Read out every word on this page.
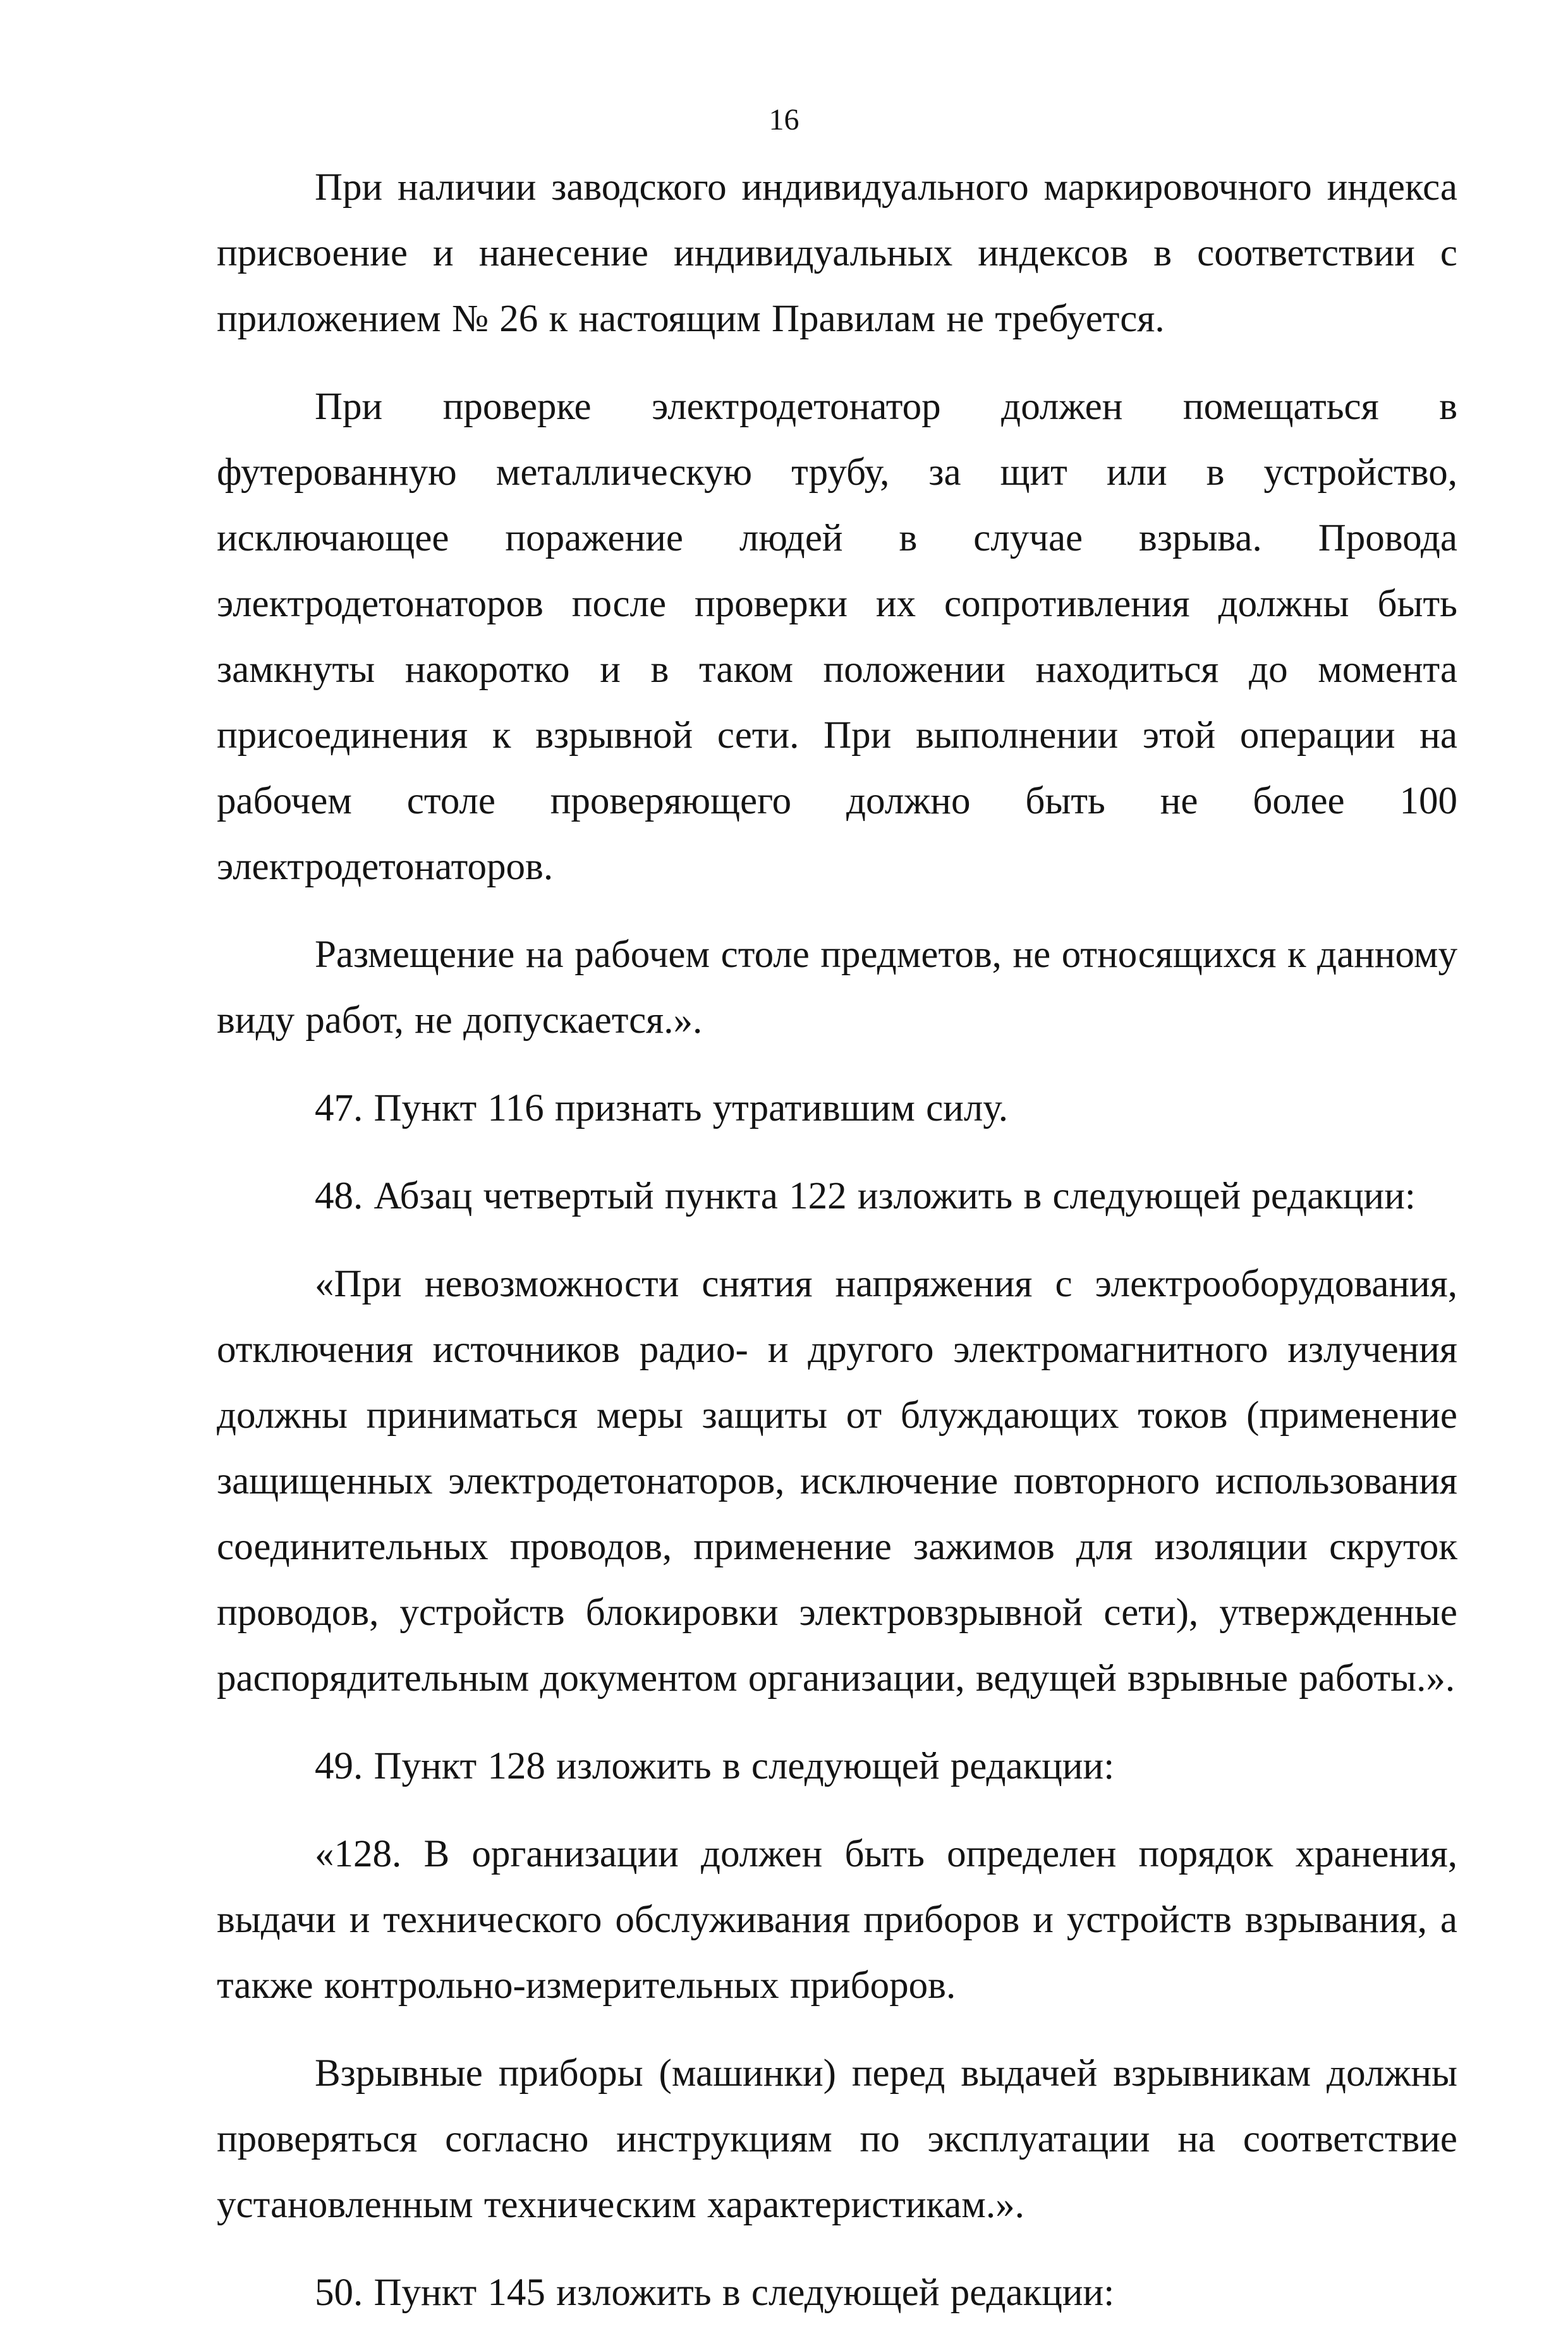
16

При наличии заводского индивидуального маркировочного индекса присвоение и нанесение индивидуальных индексов в соответствии с приложением № 26 к настоящим Правилам не требуется.

При проверке электродетонатор должен помещаться в футерованную металлическую трубу, за щит или в устройство, исключающее поражение людей в случае взрыва. Провода электродетонаторов после проверки их сопротивления должны быть замкнуты накоротко и в таком положении находиться до момента присоединения к взрывной сети. При выполнении этой операции на рабочем столе проверяющего должно быть не более 100 электродетонаторов.

Размещение на рабочем столе предметов, не относящихся к данному виду работ, не допускается.».

47. Пункт 116 признать утратившим силу.

48. Абзац четвертый пункта 122 изложить в следующей редакции:

«При невозможности снятия напряжения с электрооборудования, отключения источников радио- и другого электромагнитного излучения должны приниматься меры защиты от блуждающих токов (применение защищенных электродетонаторов, исключение повторного использования соединительных проводов, применение зажимов для изоляции скруток проводов, устройств блокировки электровзрывной сети), утвержденные распорядительным документом организации, ведущей взрывные работы.».

49. Пункт 128 изложить в следующей редакции:

«128. В организации должен быть определен порядок хранения, выдачи и технического обслуживания приборов и устройств взрывания, а также контрольно-измерительных приборов.

Взрывные приборы (машинки) перед выдачей взрывникам должны проверяться согласно инструкциям по эксплуатации на соответствие установленным техническим характеристикам.».

50. Пункт 145 изложить в следующей редакции:
